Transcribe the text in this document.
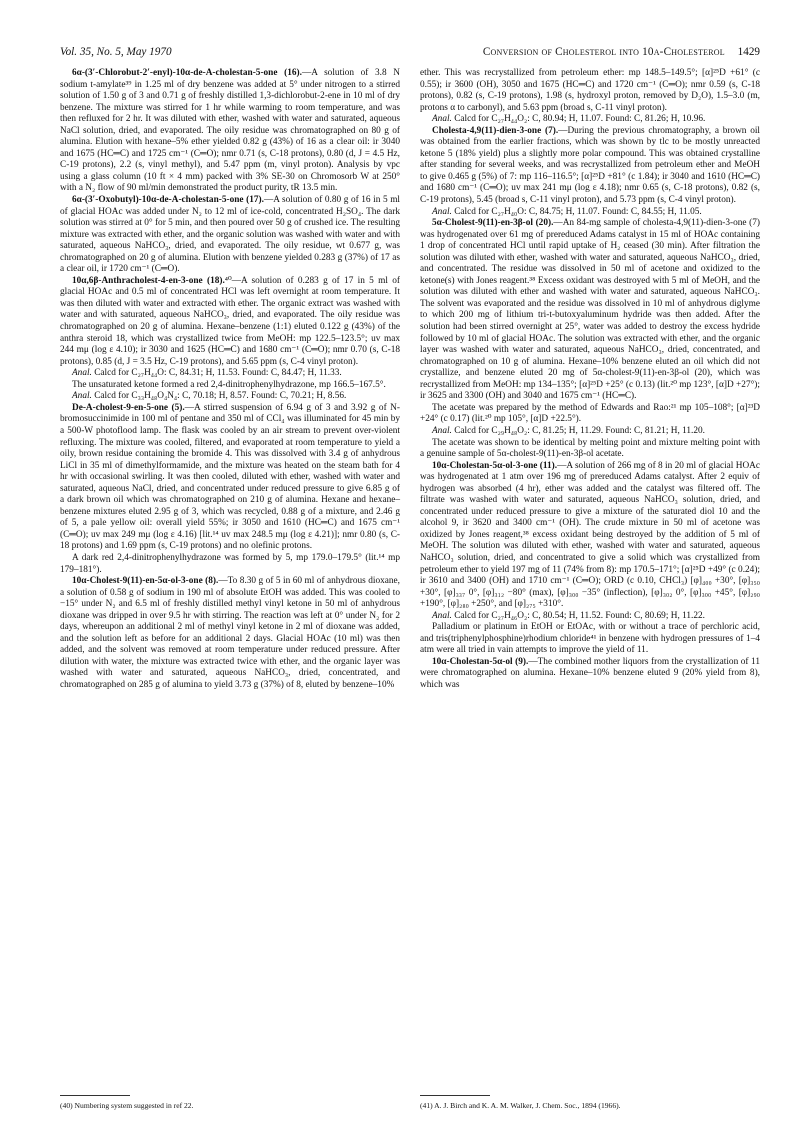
Vol. 35, No. 5, May 1970	Conversion of Cholesterol into 10α-Cholesterol 1429

6α-(3′-Chlorobut-2′-enyl)-10α-de-A-cholestan-5-one (16).—A solution of 3.8 N sodium t-amylate³⁹ in 1.25 ml of dry benzene was added at 5° under nitrogen to a stirred solution of 1.50 g of 3 and 0.71 g of freshly distilled 1,3-dichlorobut-2-ene in 10 ml of dry benzene. The mixture was stirred for 1 hr while warming to room temperature, and was then refluxed for 2 hr. It was diluted with ether, washed with water and saturated, aqueous NaCl solution, dried, and evaporated. The oily residue was chromatographed on 80 g of alumina. Elution with hexane–5% ether yielded 0.82 g (43%) of 16 as a clear oil: ir 3040 and 1675 (HC═C) and 1725 cm⁻¹ (C═O); nmr 0.71 (s, C-18 protons), 0.80 (d, J = 4.5 Hz, C-19 protons), 2.2 (s, vinyl methyl), and 5.47 ppm (m, vinyl proton). Analysis by vpc using a glass column (10 ft × 4 mm) packed with 3% SE-30 on Chromosorb W at 250° with a N₂ flow of 90 ml/min demonstrated the product purity, tR 13.5 min.

6α-(3′-Oxobutyl)-10α-de-A-cholestan-5-one (17).—A solution of 0.80 g of 16 in 5 ml of glacial HOAc was added under N₂ to 12 ml of ice-cold, concentrated H₂SO₄. The dark solution was stirred at 0° for 5 min, and then poured over 50 g of crushed ice. The resulting mixture was extracted with ether, and the organic solution was washed with water and with saturated, aqueous NaHCO₃, dried, and evaporated. The oily residue, wt 0.677 g, was chromatographed on 20 g of alumina. Elution with benzene yielded 0.283 g (37%) of 17 as a clear oil, ir 1720 cm⁻¹ (C═O).

10α,6β-Anthracholest-4-en-3-one (18).⁴⁰—A solution of 0.283 g of 17 in 5 ml of glacial HOAc and 0.5 ml of concentrated HCl was left overnight at room temperature. It was then diluted with water and extracted with ether. The organic extract was washed with water and with saturated, aqueous NaHCO₃, dried, and evaporated. The oily residue was chromatographed on 20 g of alumina. Hexane–benzene (1:1) eluted 0.122 g (43%) of the anthra steroid 18, which was crystallized twice from MeOH: mp 122.5–123.5°; uv max 244 mμ (log ε 4.10); ir 3030 and 1625 (HC═C) and 1680 cm⁻¹ (C═O); nmr 0.70 (s, C-18 protons), 0.85 (d, J = 3.5 Hz, C-19 protons), and 5.65 ppm (s, C-4 vinyl proton).

Anal. Calcd for C₂₇H₄₄O: C, 84.31; H, 11.53. Found: C, 84.47; H, 11.33.

The unsaturated ketone formed a red 2,4-dinitrophenylhydrazone, mp 166.5–167.5°.

Anal. Calcd for C₃₃H₄₈O₄N₄: C, 70.18; H, 8.57. Found: C, 70.21; H, 8.56.

De-A-cholest-9-en-5-one (5).—A stirred suspension of 6.94 g of 3 and 3.92 g of N-bromosuccinimide in 100 ml of pentane and 350 ml of CCl₄ was illuminated for 45 min by a 500-W photoflood lamp. The flask was cooled by an air stream to prevent over-violent refluxing. The mixture was cooled, filtered, and evaporated at room temperature to yield a oily, brown residue containing the bromide 4. This was dissolved with 3.4 g of anhydrous LiCl in 35 ml of dimethylformamide, and the mixture was heated on the steam bath for 4 hr with occasional swirling. It was then cooled, diluted with ether, washed with water and saturated, aqueous NaCl, dried, and concentrated under reduced pressure to give 6.85 g of a dark brown oil which was chromatographed on 210 g of alumina. Hexane and hexane–benzene mixtures eluted 2.95 g of 3, which was recycled, 0.88 g of a mixture, and 2.46 g of 5, a pale yellow oil: overall yield 55%; ir 3050 and 1610 (HC═C) and 1675 cm⁻¹ (C═O); uv max 249 mμ (log ε 4.16) [lit.¹⁴ uv max 248.5 mμ (log ε 4.21)]; nmr 0.80 (s, C-18 protons) and 1.69 ppm (s, C-19 protons) and no olefinic protons.

A dark red 2,4-dinitrophenylhydrazone was formed by 5, mp 179.0–179.5° (lit.¹⁴ mp 179–181°).

10α-Cholest-9(11)-en-5α-ol-3-one (8).—To 8.30 g of 5 in 60 ml of anhydrous dioxane, a solution of 0.58 g of sodium in 190 ml of absolute EtOH was added. This was cooled to −15° under N₂ and 6.5 ml of freshly distilled methyl vinyl ketone in 50 ml of anhydrous dioxane was dripped in over 9.5 hr with stirring. The reaction was left at 0° under N₂ for 2 days, whereupon an additional 2 ml of methyl vinyl ketone in 2 ml of dioxane was added, and the solution left as before for an additional 2 days. Glacial HOAc (10 ml) was then added, and the solvent was removed at room temperature under reduced pressure. After dilution with water, the mixture was extracted twice with ether, and the organic layer was washed with water and saturated, aqueous NaHCO₃, dried, concentrated, and chromatographed on 285 g of alumina to yield 3.73 g (37%) of 8, eluted by benzene–10%

ether. This was recrystallized from petroleum ether: mp 148.5–149.5°; [α]²⁵D +61° (c 0.55); ir 3600 (OH), 3050 and 1675 (HC═C) and 1720 cm⁻¹ (C═O); nmr 0.59 (s, C-18 protons), 0.82 (s, C-19 protons), 1.98 (s, hydroxyl proton, removed by D₂O), 1.5–3.0 (m, protons α to carbonyl), and 5.63 ppm (broad s, C-11 vinyl proton).

Anal. Calcd for C₂₇H₄₄O₂: C, 80.94; H, 11.07. Found: C, 81.26; H, 10.96.

Cholesta-4,9(11)-dien-3-one (7).—During the previous chromatography, a brown oil was obtained from the earlier fractions, which was shown by tlc to be mostly unreacted ketone 5 (18% yield) plus a slightly more polar compound. This was obtained crystalline after standing for several weeks, and was recrystallized from petroleum ether and MeOH to give 0.465 g (5%) of 7: mp 116–116.5°; [α]²⁵D +81° (c 1.84); ir 3040 and 1610 (HC═C) and 1680 cm⁻¹ (C═O); uv max 241 mμ (log ε 4.18); nmr 0.65 (s, C-18 protons), 0.82 (s, C-19 protons), 5.45 (broad s, C-11 vinyl proton), and 5.73 ppm (s, C-4 vinyl proton).

Anal. Calcd for C₂₇H₄₀O: C, 84.75; H, 11.07. Found: C, 84.55; H, 11.05.

5α-Cholest-9(11)-en-3β-ol (20).—An 84-mg sample of cholesta-4,9(11)-dien-3-one (7) was hydrogenated over 61 mg of prereduced Adams catalyst in 15 ml of HOAc containing 1 drop of concentrated HCl until rapid uptake of H₂ ceased (30 min). After filtration the solution was diluted with ether, washed with water and saturated, aqueous NaHCO₃, dried, and concentrated. The residue was dissolved in 50 ml of acetone and oxidized to the ketone(s) with Jones reagent.³⁸ Excess oxidant was destroyed with 5 ml of MeOH, and the solution was diluted with ether and washed with water and saturated, aqueous NaHCO₃. The solvent was evaporated and the residue was dissolved in 10 ml of anhydrous diglyme to which 200 mg of lithium tri-t-butoxyaluminum hydride was then added. After the solution had been stirred overnight at 25°, water was added to destroy the excess hydride followed by 10 ml of glacial HOAc. The solution was extracted with ether, and the organic layer was washed with water and saturated, aqueous NaHCO₃, dried, concentrated, and chromatographed on 10 g of alumina. Hexane–10% benzene eluted an oil which did not crystallize, and benzene eluted 20 mg of 5α-cholest-9(11)-en-3β-ol (20), which was recrystallized from MeOH: mp 134–135°; [α]²⁵D +25° (c 0.13) (lit.²⁰ mp 123°, [α]D +27°); ir 3625 and 3300 (OH) and 3040 and 1675 cm⁻¹ (HC═C).

The acetate was prepared by the method of Edwards and Rao:²¹ mp 105–108°; [α]²³D +24° (c 0.17) (lit.²⁰ mp 105°, [α]D +22.5°).

Anal. Calcd for C₂₉H₄₈O₂: C, 81.25; H, 11.29. Found: C, 81.21; H, 11.20.

The acetate was shown to be identical by melting point and mixture melting point with a genuine sample of 5α-cholest-9(11)-en-3β-ol acetate.

10α-Cholestan-5α-ol-3-one (11).—A solution of 266 mg of 8 in 20 ml of glacial HOAc was hydrogenated at 1 atm over 196 mg of prereduced Adams catalyst. After 2 equiv of hydrogen was absorbed (4 hr), ether was added and the catalyst was filtered off. The filtrate was washed with water and saturated, aqueous NaHCO₃ solution, dried, and concentrated under reduced pressure to give a mixture of the saturated diol 10 and the alcohol 9, ir 3620 and 3400 cm⁻¹ (OH). The crude mixture in 50 ml of acetone was oxidized by Jones reagent,³⁸ excess oxidant being destroyed by the addition of 5 ml of MeOH. The solution was diluted with ether, washed with water and saturated, aqueous NaHCO₃ solution, dried, and concentrated to give a solid which was crystallized from petroleum ether to yield 197 mg of 11 (74% from 8): mp 170.5–171°; [α]²⁵D +49° (c 0.24); ir 3610 and 3400 (OH) and 1710 cm⁻¹ (C═O); ORD (c 0.10, CHCl₃) [φ]₄₀₀ +30°, [φ]₃₅₀ +30°, [φ]₃₃₇ 0°, [φ]₃₁₂ −80° (max), [φ]₃₀₀ −35° (inflection), [φ]₃₀₂ 0°, [φ]₃₀₀ +45°, [φ]₂₉₀ +190°, [φ]₂₈₀ +250°, and [φ]₂₇₅ +310°.

Anal. Calcd for C₂₇H₄₆O₂: C, 80.54; H, 11.52. Found: C, 80.69; H, 11.22.

Palladium or platinum in EtOH or EtOAc, with or without a trace of perchloric acid, and tris(triphenylphosphine)rhodium chloride⁴¹ in benzene with hydrogen pressures of 1–4 atm were all tried in vain attempts to improve the yield of 11.

10α-Cholestan-5α-ol (9).—The combined mother liquors from the crystallization of 11 were chromatographed on alumina. Hexane–10% benzene eluted 9 (20% yield from 8), which was

(40) Numbering system suggested in ref 22.	(41) A. J. Birch and K. A. M. Walker, J. Chem. Soc., 1894 (1966).
